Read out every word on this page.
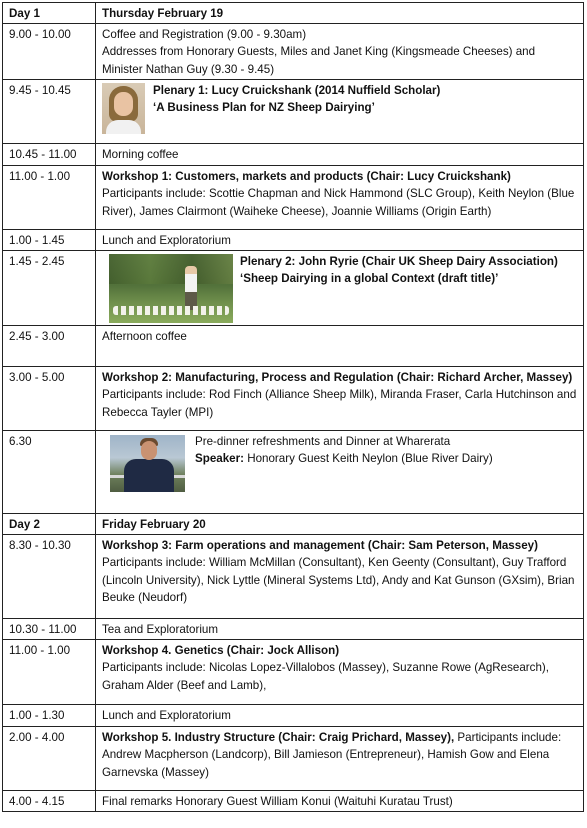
Day 1	Thursday February 19
9.00 - 10.00	Coffee and Registration (9.00 - 9.30am)
Addresses from Honorary Guests, Miles and Janet King (Kingsmeade Cheeses) and Minister Nathan Guy (9.30 - 9.45)

9.45 - 10.45	Plenary 1: Lucy Cruickshank (2014 Nuffield Scholar)
‘A Business Plan for NZ Sheep Dairying’

10.45 - 11.00	Morning coffee
11.00 - 1.00	Workshop 1: Customers, markets and products (Chair: Lucy Cruickshank)
Participants include: Scottie Chapman and Nick Hammond (SLC Group), Keith Neylon (Blue River), James Clairmont (Waiheke Cheese), Joannie Williams (Origin Earth)

1.00 - 1.45	Lunch and Exploratorium
1.45 - 2.45	Plenary 2: John Ryrie (Chair UK Sheep Dairy Association)
‘Sheep Dairying in a global Context (draft title)’

2.45 - 3.00	Afternoon coffee
3.00 - 5.00	Workshop 2: Manufacturing, Process and Regulation (Chair: Richard Archer, Massey)
Participants include: Rod Finch (Alliance Sheep Milk), Miranda Fraser, Carla Hutchinson and Rebecca Tayler (MPI)

6.30	Pre-dinner refreshments and Dinner at Wharerata
Speaker: Honorary Guest Keith Neylon (Blue River Dairy)

Day 2	Friday February 20
8.30 - 10.30	Workshop 3: Farm operations and management (Chair: Sam Peterson, Massey)
Participants include: William McMillan (Consultant), Ken Geenty (Consultant), Guy Trafford (Lincoln University), Nick Lyttle (Mineral Systems Ltd), Andy and Kat Gunson (GXsim), Brian Beuke (Neudorf)

10.30 - 11.00	Tea and Exploratorium
11.00 - 1.00	Workshop 4. Genetics (Chair: Jock Allison)
Participants include: Nicolas Lopez-Villalobos (Massey), Suzanne Rowe (AgResearch), Graham Alder (Beef and Lamb),

1.00 - 1.30	Lunch and Exploratorium
2.00 - 4.00	Workshop 5. Industry Structure (Chair: Craig Prichard, Massey), Participants include: Andrew Macpherson (Landcorp), Bill Jamieson (Entrepreneur), Hamish Gow and Elena Garnevska (Massey)
4.00 - 4.15	Final remarks Honorary Guest William Konui (Waituhi Kuratau Trust)
